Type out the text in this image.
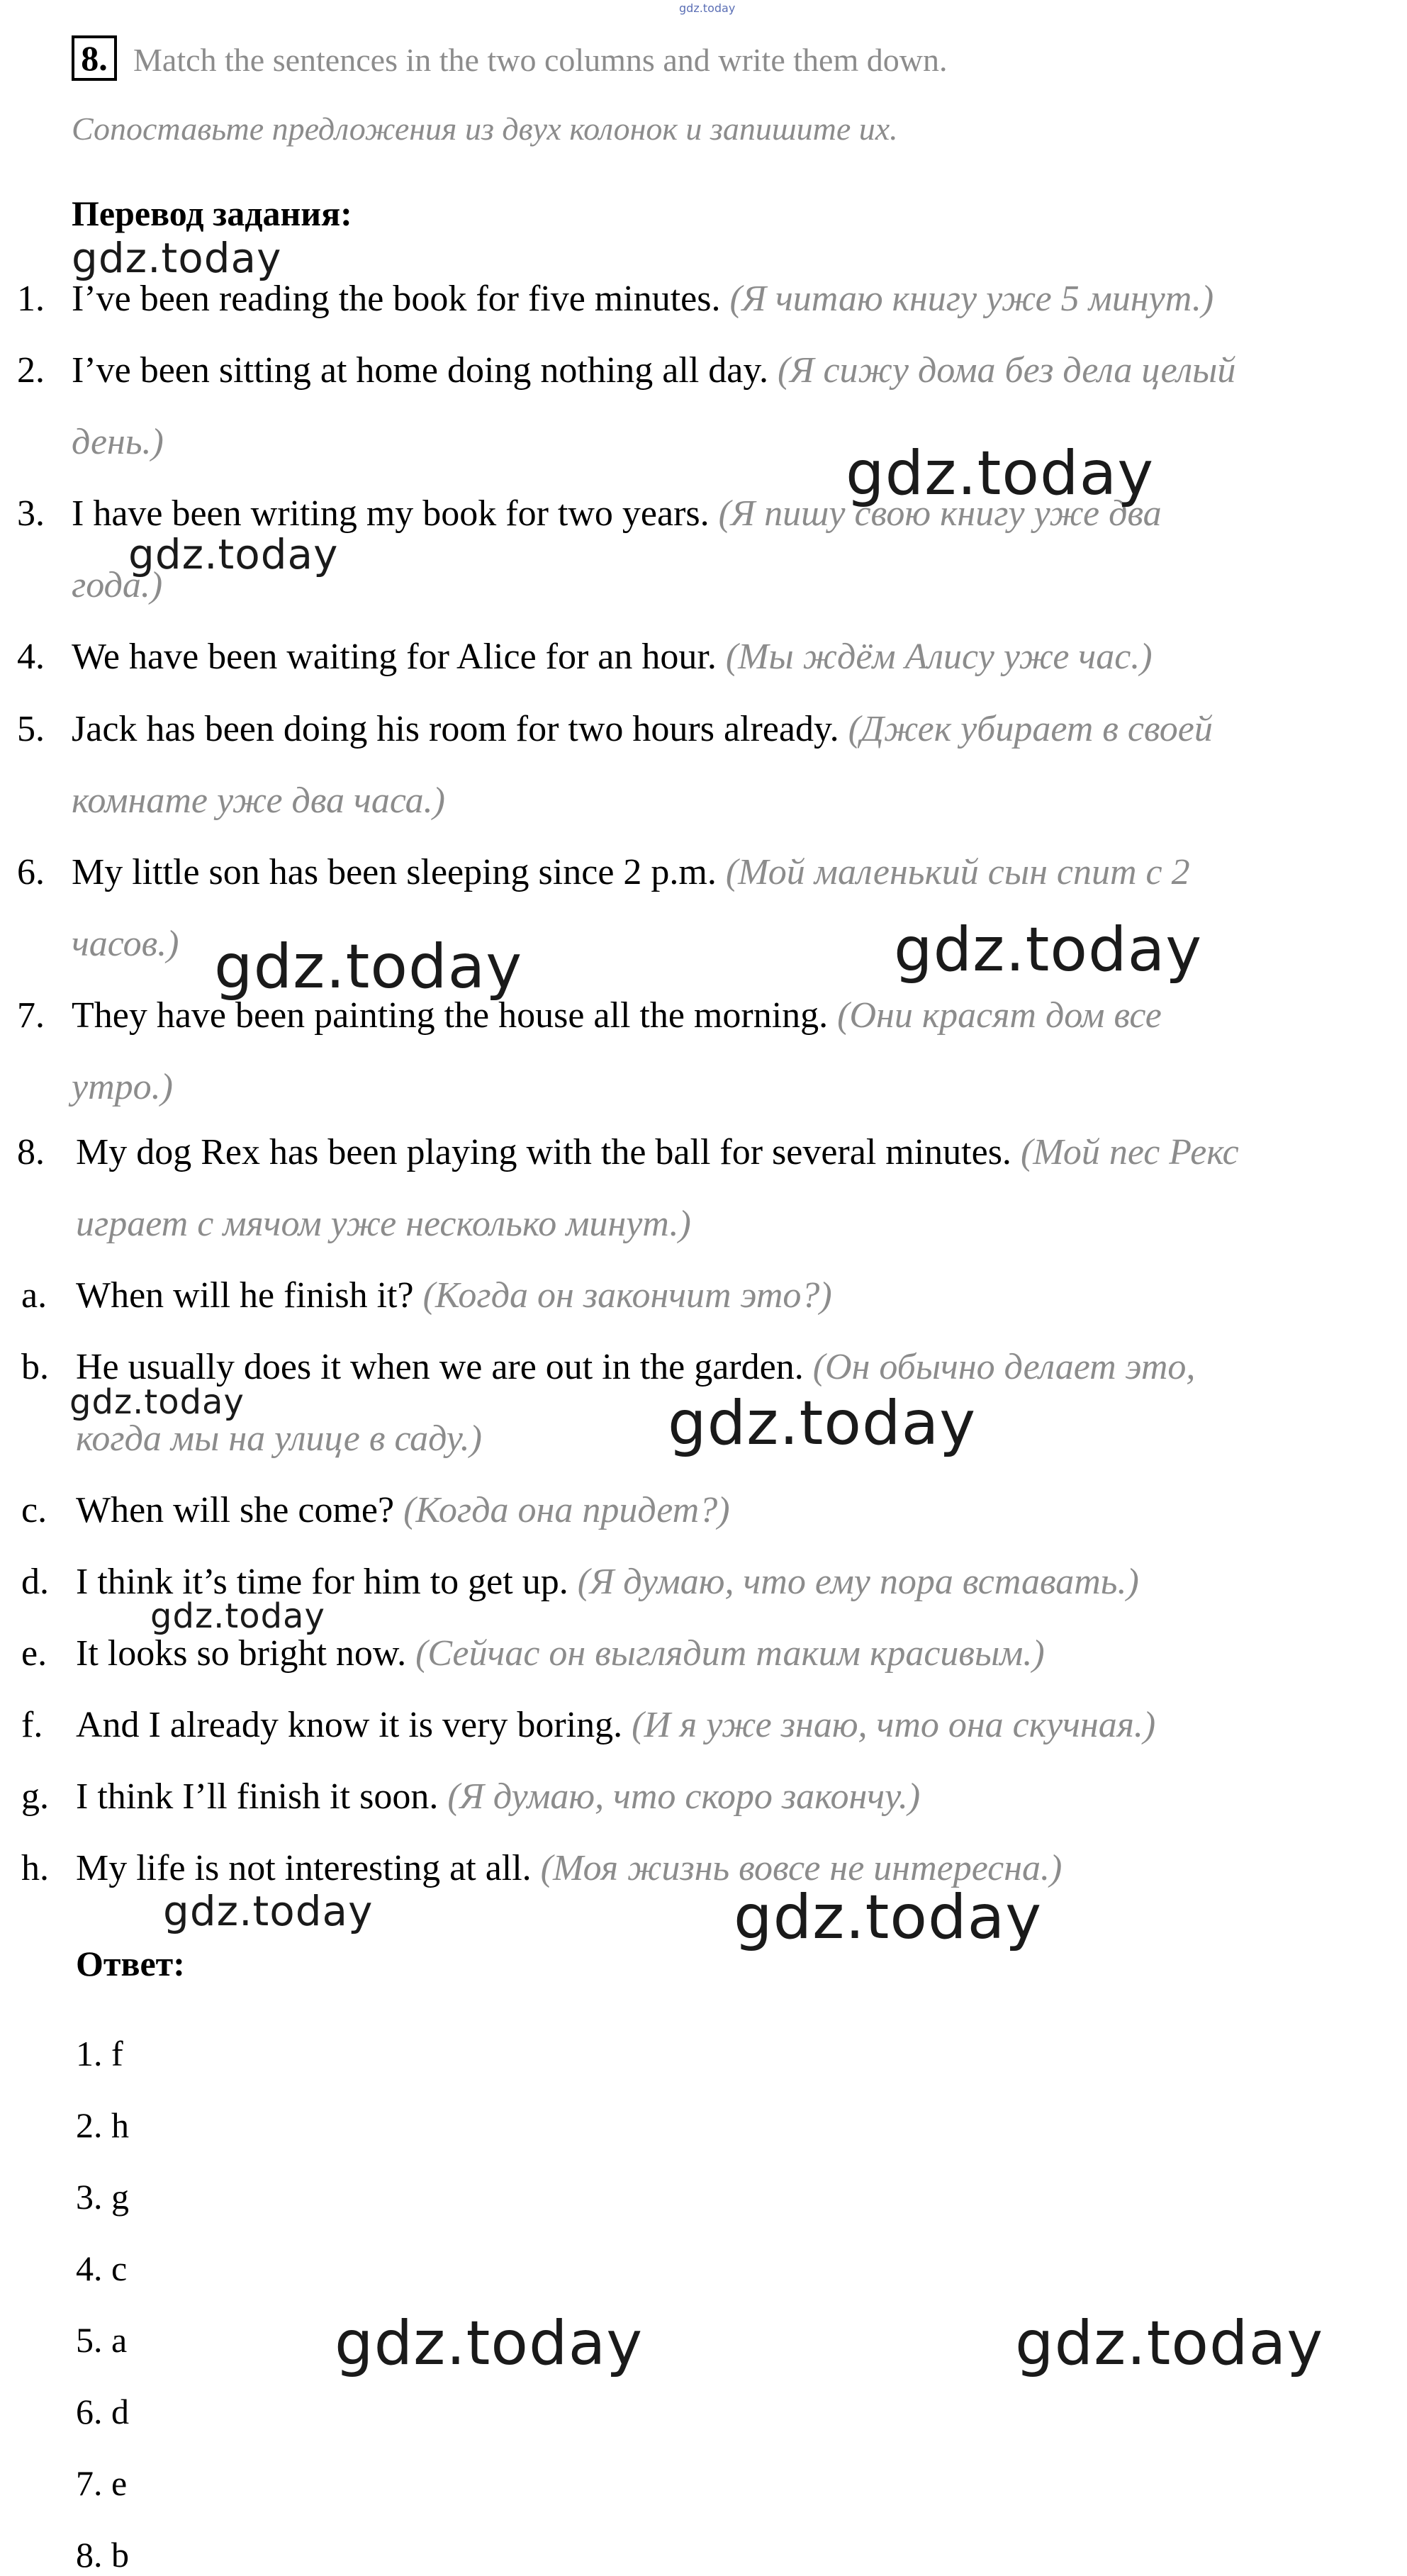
gdz.today
8. Match the sentences in the two columns and write them down.
Сопоставьте предложения из двух колонок и запишите их.
Перевод задания:
1. I’ve been reading the book for five minutes. (Я читаю книгу уже 5 минут.)
2. I’ve been sitting at home doing nothing all day. (Я сижу дома без дела целый
день.)
3. I have been writing my book for two years. (Я пишу свою книгу уже два
года.)
4. We have been waiting for Alice for an hour. (Мы ждём Алису уже час.)
5. Jack has been doing his room for two hours already. (Джек убирает в своей
комнате уже два часа.)
6. My little son has been sleeping since 2 p.m. (Мой маленький сын спит с 2
часов.)
7. They have been painting the house all the morning. (Они красят дом все
утро.)
8. My dog Rex has been playing with the ball for several minutes. (Мой пес Рекс
играет с мячом уже несколько минут.)
a. When will he finish it? (Когда он закончит это?)
b. He usually does it when we are out in the garden. (Он обычно делает это,
когда мы на улице в саду.)
c. When will she come? (Когда она придет?)
d. I think it’s time for him to get up. (Я думаю, что ему пора вставать.)
e. It looks so bright now. (Сейчас он выглядит таким красивым.)
f. And I already know it is very boring. (И я уже знаю, что она скучная.)
g. I think I’ll finish it soon. (Я думаю, что скоро закончу.)
h. My life is not interesting at all. (Моя жизнь вовсе не интересна.)
Ответ:
1. f
2. h
3. g
4. c
5. a
6. d
7. e
8. b
gdz.today
gdz.today
gdz.today
gdz.today	gdz.today
gdz.today	gdz.today
gdz.today
gdz.today	gdz.today
gdz.today	gdz.today
